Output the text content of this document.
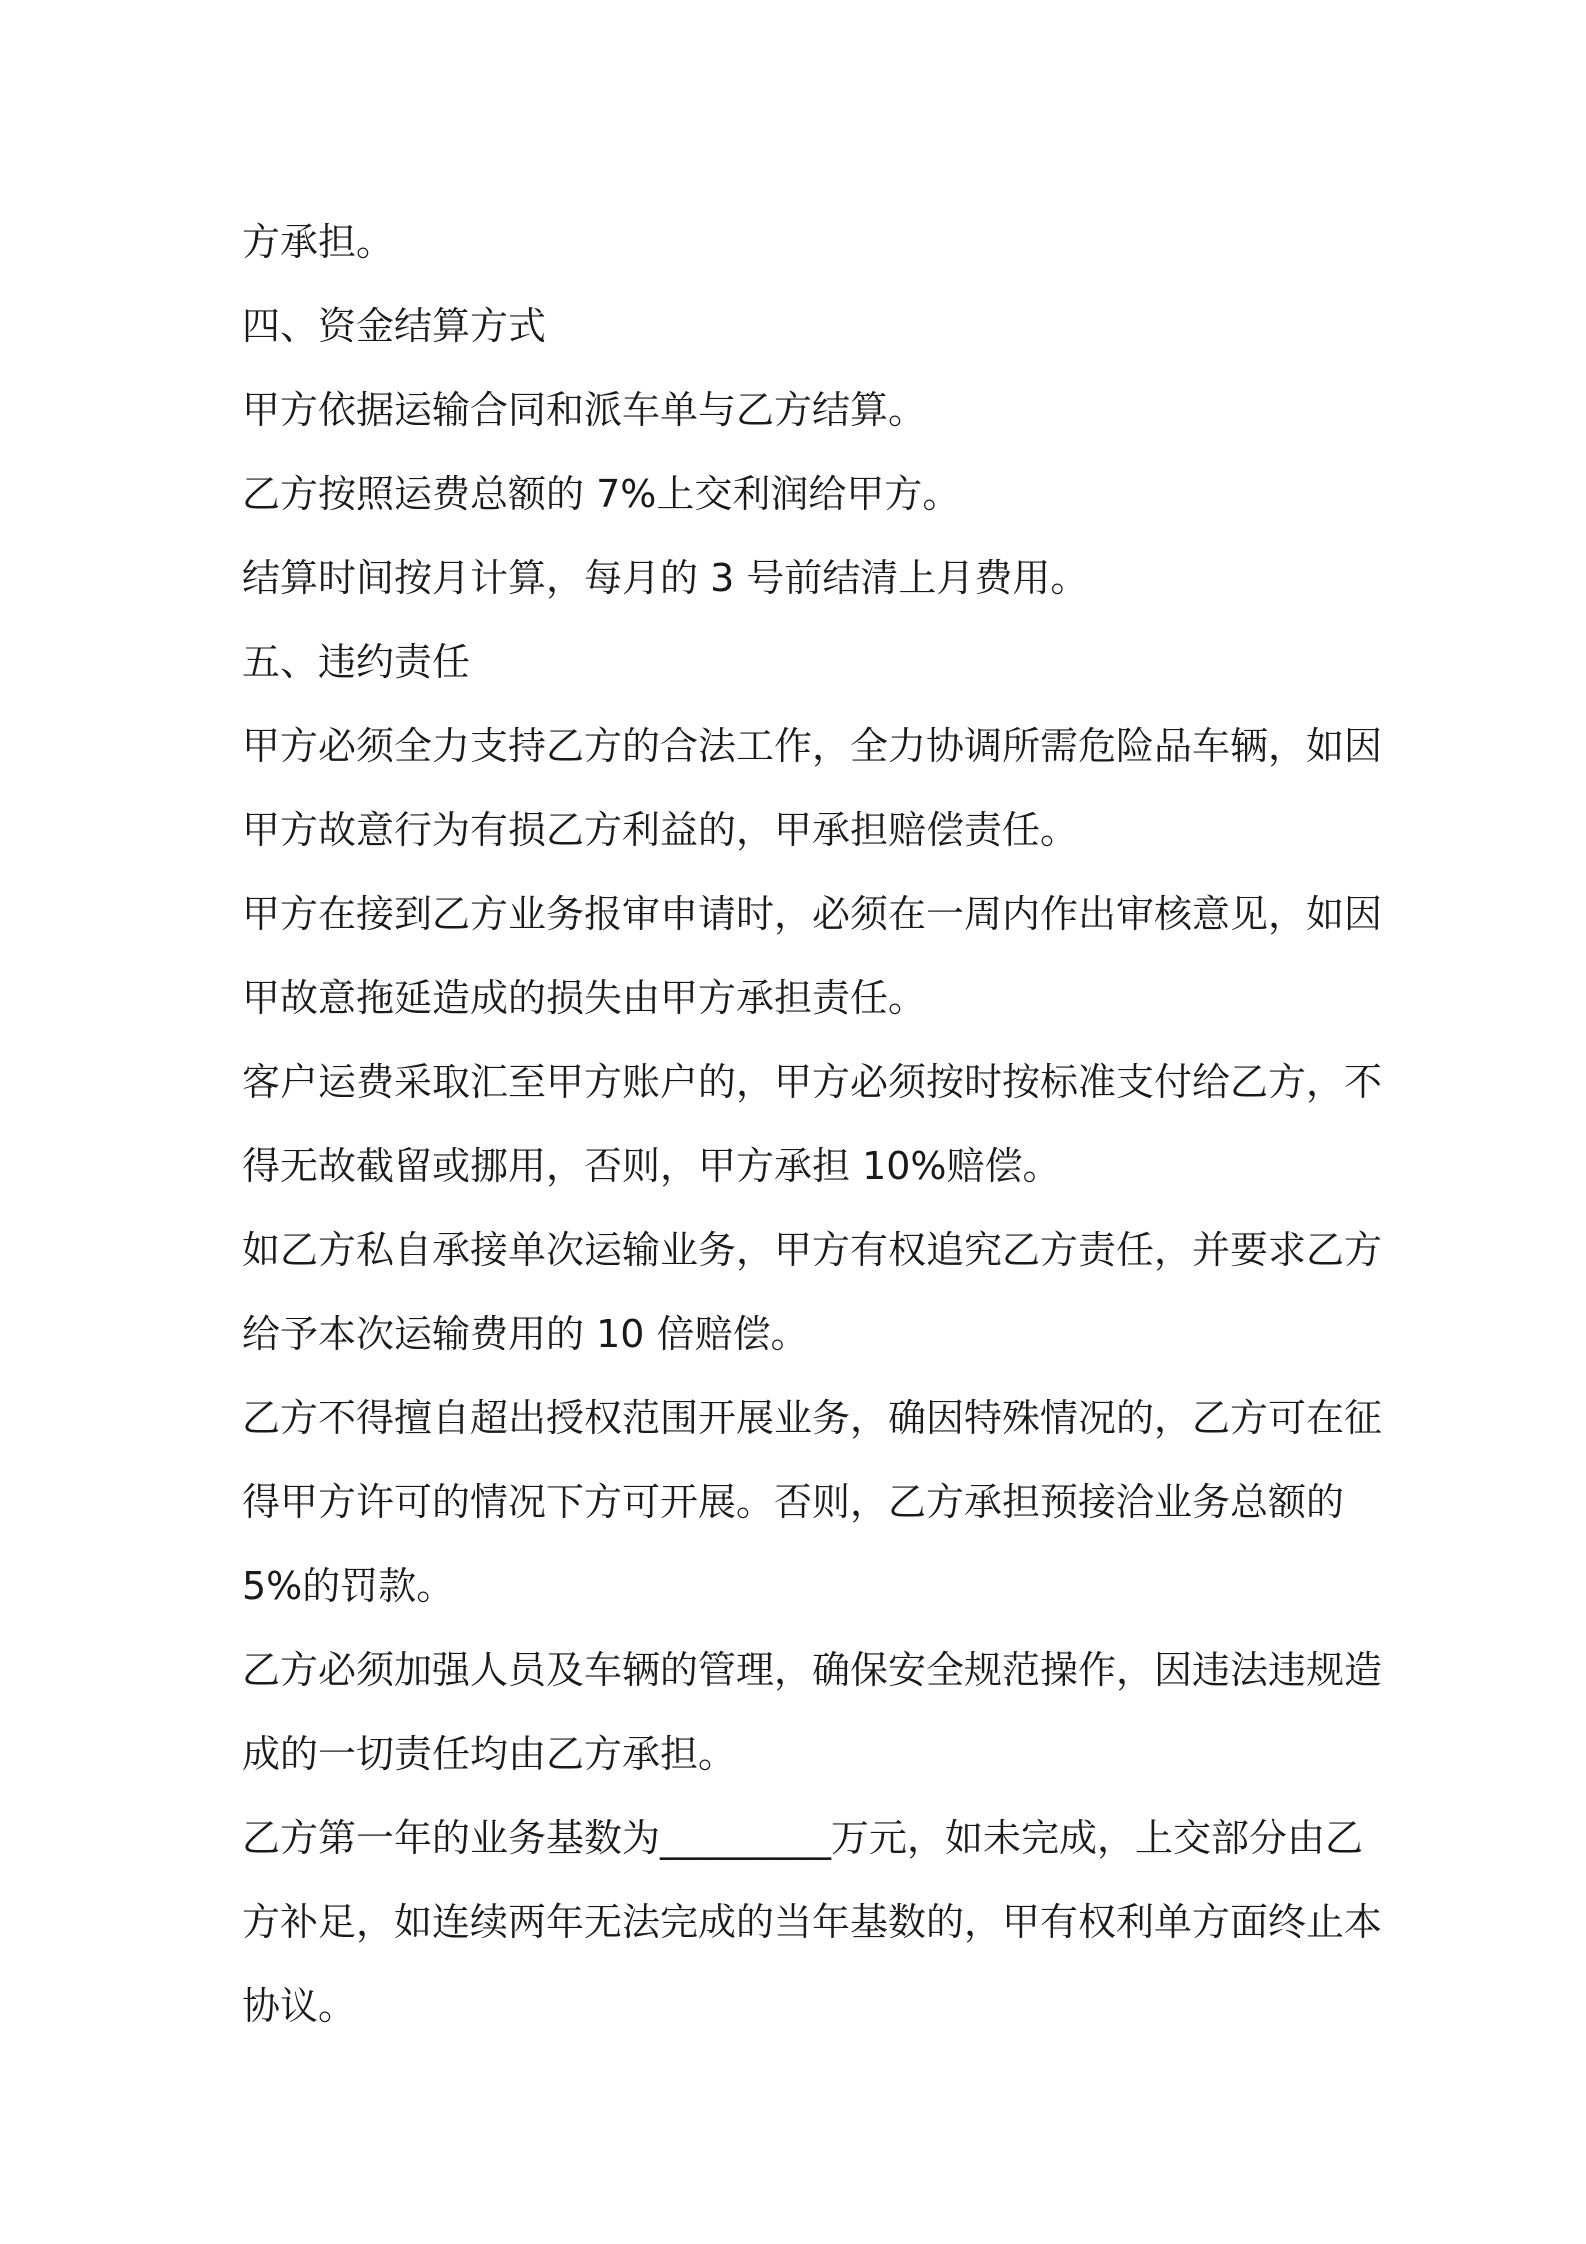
方承担。

四、资金结算方式

甲方依据运输合同和派车单与乙方结算。

乙方按照运费总额的 7%上交利润给甲方。

结算时间按月计算，每月的 3 号前结清上月费用。

五、违约责任

甲方必须全力支持乙方的合法工作，全力协调所需危险品车辆，如因

甲方故意行为有损乙方利益的，甲承担赔偿责任。

甲方在接到乙方业务报审申请时，必须在一周内作出审核意见，如因

甲故意拖延造成的损失由甲方承担责任。

客户运费采取汇至甲方账户的，甲方必须按时按标准支付给乙方，不

得无故截留或挪用，否则，甲方承担 10%赔偿。

如乙方私自承接单次运输业务，甲方有权追究乙方责任，并要求乙方

给予本次运输费用的 10 倍赔偿。

乙方不得擅自超出授权范围开展业务，确因特殊情况的，乙方可在征

得甲方许可的情况下方可开展。否则，乙方承担预接洽业务总额的

5%的罚款。

乙方必须加强人员及车辆的管理，确保安全规范操作，因违法违规造

成的一切责任均由乙方承担。

乙方第一年的业务基数为_________万元，如未完成，上交部分由乙

方补足，如连续两年无法完成的当年基数的，甲有权利单方面终止本

协议。
